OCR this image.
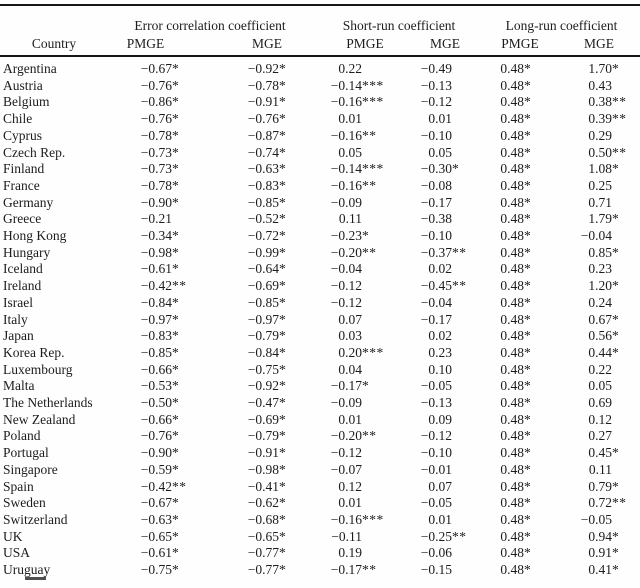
	Error correlation coefficient		Short-run coefficient		Long-run coefficient	
Country	PMGE	MGE	PMGE	MGE	PMGE	MGE
Argentina	−0.67*	−0.92*	0.22	−0.49	0.48*	1.70*
Austria	−0.76*	−0.78*	−0.14***	−0.13	0.48*	0.43
Belgium	−0.86*	−0.91*	−0.16***	−0.12	0.48*	0.38**
Chile	−0.76*	−0.76*	0.01	0.01	0.48*	0.39**
Cyprus	−0.78*	−0.87*	−0.16**	−0.10	0.48*	0.29
Czech Rep.	−0.73*	−0.74*	0.05	0.05	0.48*	0.50**
Finland	−0.73*	−0.63*	−0.14***	−0.30*	0.48*	1.08*
France	−0.78*	−0.83*	−0.16**	−0.08	0.48*	0.25
Germany	−0.90*	−0.85*	−0.09	−0.17	0.48*	0.71
Greece	−0.21	−0.52*	0.11	−0.38	0.48*	1.79*
Hong Kong	−0.34*	−0.72*	−0.23*	−0.10	0.48*	−0.04
Hungary	−0.98*	−0.99*	−0.20**	−0.37**	0.48*	0.85*
Iceland	−0.61*	−0.64*	−0.04	0.02	0.48*	0.23
Ireland	−0.42**	−0.69*	−0.12	−0.45**	0.48*	1.20*
Israel	−0.84*	−0.85*	−0.12	−0.04	0.48*	0.24
Italy	−0.97*	−0.97*	0.07	−0.17	0.48*	0.67*
Japan	−0.83*	−0.79*	0.03	0.02	0.48*	0.56*
Korea Rep.	−0.85*	−0.84*	0.20***	0.23	0.48*	0.44*
Luxembourg	−0.66*	−0.75*	0.04	0.10	0.48*	0.22
Malta	−0.53*	−0.92*	−0.17*	−0.05	0.48*	0.05
The Netherlands	−0.50*	−0.47*	−0.09	−0.13	0.48*	0.69
New Zealand	−0.66*	−0.69*	0.01	0.09	0.48*	0.12
Poland	−0.76*	−0.79*	−0.20**	−0.12	0.48*	0.27
Portugal	−0.90*	−0.91*	−0.12	−0.10	0.48*	0.45*
Singapore	−0.59*	−0.98*	−0.07	−0.01	0.48*	0.11
Spain	−0.42**	−0.41*	0.12	0.07	0.48*	0.79*
Sweden	−0.67*	−0.62*	0.01	−0.05	0.48*	0.72**
Switzerland	−0.63*	−0.68*	−0.16***	0.01	0.48*	−0.05
UK	−0.65*	−0.65*	−0.11	−0.25**	0.48*	0.94*
USA	−0.61*	−0.77*	0.19	−0.06	0.48*	0.91*
Uruguay	−0.75*	−0.77*	−0.17**	−0.15	0.48*	0.41*
